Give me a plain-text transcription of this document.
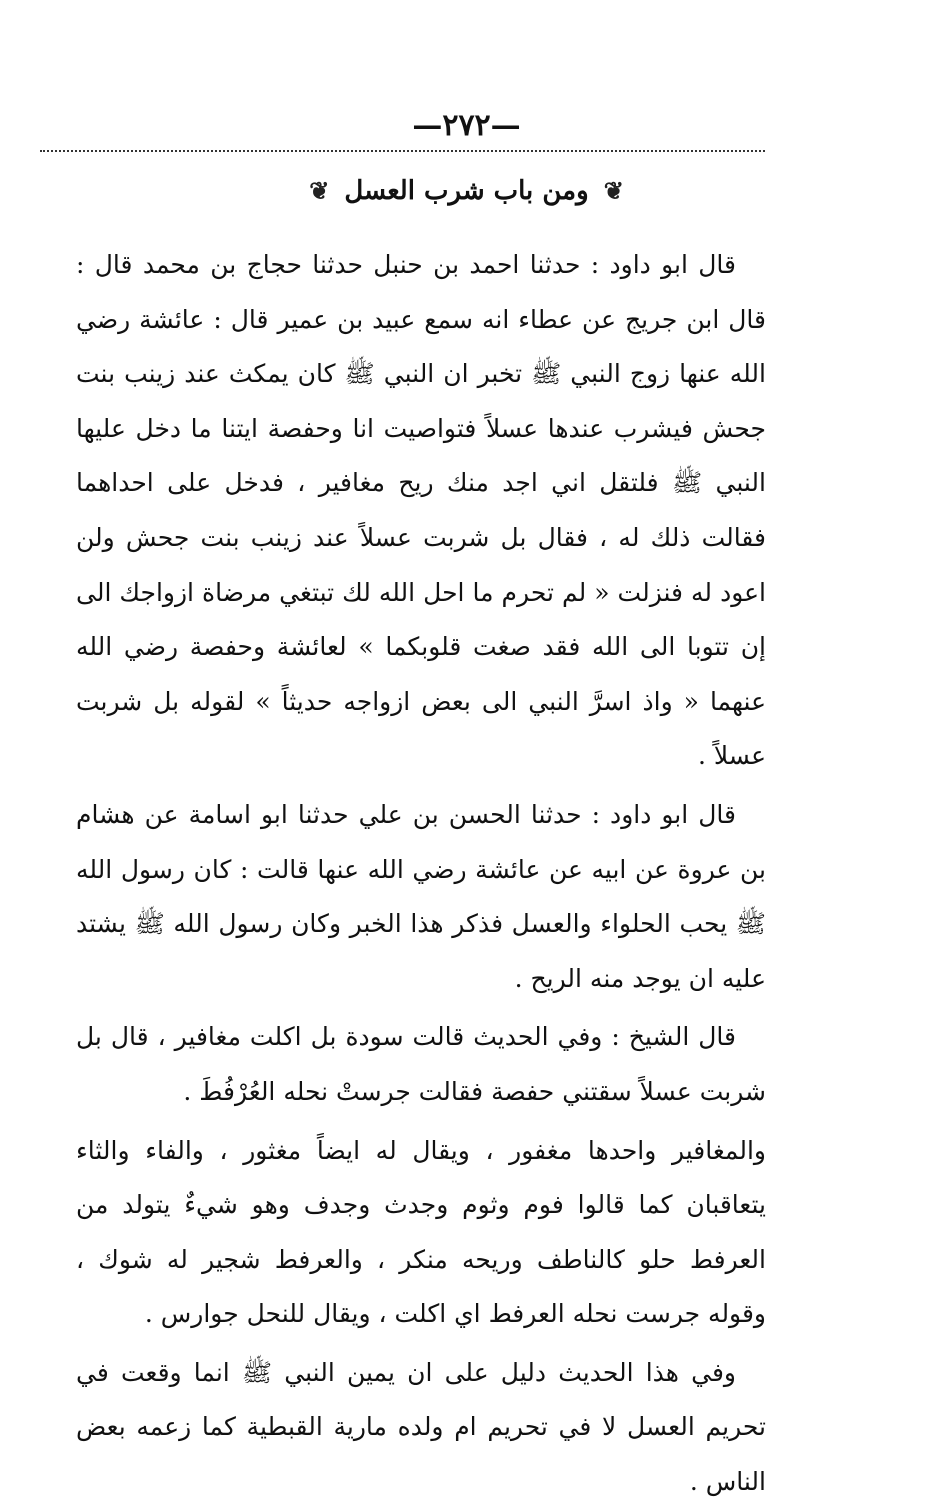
—٢٧٢—
❦ ومن باب شرب العسل ❦

قال ابو داود : حدثنا احمد بن حنبل حدثنا حجاج بن محمد قال : قال ابن جريج عن عطاء انه سمع عبيد بن عمير قال : عائشة رضي الله عنها زوج النبي ﷺ تخبر ان النبي ﷺ كان يمكث عند زينب بنت جحش فيشرب عندها عسلاً فتواصيت انا وحفصة ايتنا ما دخل عليها النبي ﷺ فلتقل اني اجد منك ريح مغافير ، فدخل على احداهما فقالت ذلك له ، فقال بل شربت عسلاً عند زينب بنت جحش ولن اعود له فنزلت « لم تحرم ما احل الله لك تبتغي مرضاة ازواجك الى إن تتوبا الى الله فقد صغت قلوبكما » لعائشة وحفصة رضي الله عنهما « واذ اسرَّ النبي الى بعض ازواجه حديثاً » لقوله بل شربت عسلاً .

قال ابو داود : حدثنا الحسن بن علي حدثنا ابو اسامة عن هشام بن عروة عن ابيه عن عائشة رضي الله عنها قالت : كان رسول الله ﷺ يحب الحلواء والعسل فذكر هذا الخبر وكان رسول الله ﷺ يشتد عليه ان يوجد منه الريح .

قال الشيخ : وفي الحديث قالت سودة بل اكلت مغافير ، قال بل شربت عسلاً سقتني حفصة فقالت جرستْ نحله العُرْفُطَ .

والمغافير واحدها مغفور ، ويقال له ايضاً مغثور ، والفاء والثاء يتعاقبان كما قالوا فوم وثوم وجدث وجدف وهو شيءٌ يتولد من العرفط حلو كالناطف وريحه منكر ، والعرفط شجير له شوك ، وقوله جرست نحله العرفط اي اكلت ، ويقال للنحل جوارس .

وفي هذا الحديث دليل على ان يمين النبي ﷺ انما وقعت في تحريم العسل لا في تحريم ام ولده مارية القبطية كما زعمه بعض الناس .
